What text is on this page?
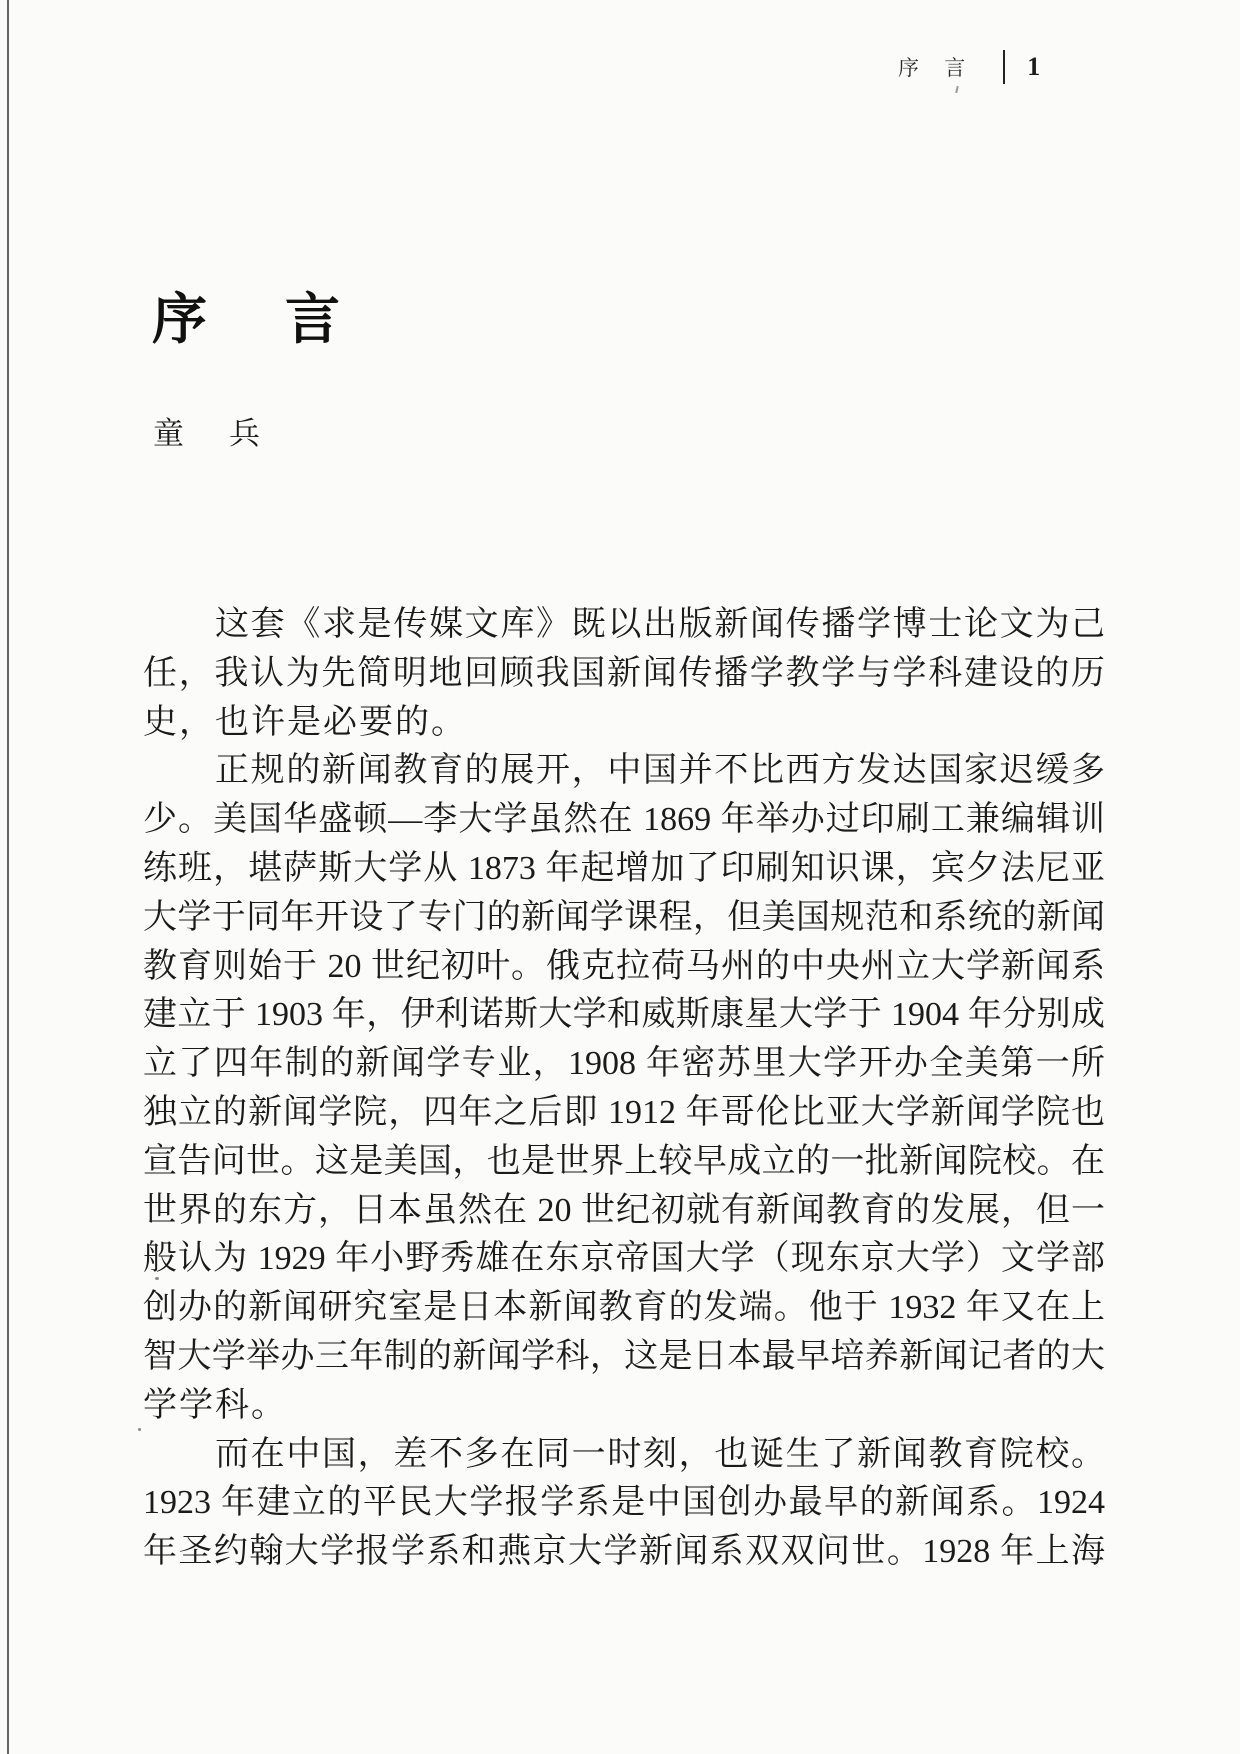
序 言 1
序 言
童 兵
这套《求是传媒文库》既以出版新闻传播学博士论文为己
任，我认为先简明地回顾我国新闻传播学教学与学科建设的历
史，也许是必要的。
正规的新闻教育的展开，中国并不比西方发达国家迟缓多
少。美国华盛顿—李大学虽然在 1869 年举办过印刷工兼编辑训
练班，堪萨斯大学从 1873 年起增加了印刷知识课，宾夕法尼亚
大学于同年开设了专门的新闻学课程，但美国规范和系统的新闻
教育则始于 20 世纪初叶。俄克拉荷马州的中央州立大学新闻系
建立于 1903 年，伊利诺斯大学和威斯康星大学于 1904 年分别成
立了四年制的新闻学专业，1908 年密苏里大学开办全美第一所
独立的新闻学院，四年之后即 1912 年哥伦比亚大学新闻学院也
宣告问世。这是美国，也是世界上较早成立的一批新闻院校。在
世界的东方，日本虽然在 20 世纪初就有新闻教育的发展，但一
般认为 1929 年小野秀雄在东京帝国大学（现东京大学）文学部
创办的新闻研究室是日本新闻教育的发端。他于 1932 年又在上
智大学举办三年制的新闻学科，这是日本最早培养新闻记者的大
学学科。
而在中国，差不多在同一时刻，也诞生了新闻教育院校。
1923 年建立的平民大学报学系是中国创办最早的新闻系。1924
年圣约翰大学报学系和燕京大学新闻系双双问世。1928 年上海
